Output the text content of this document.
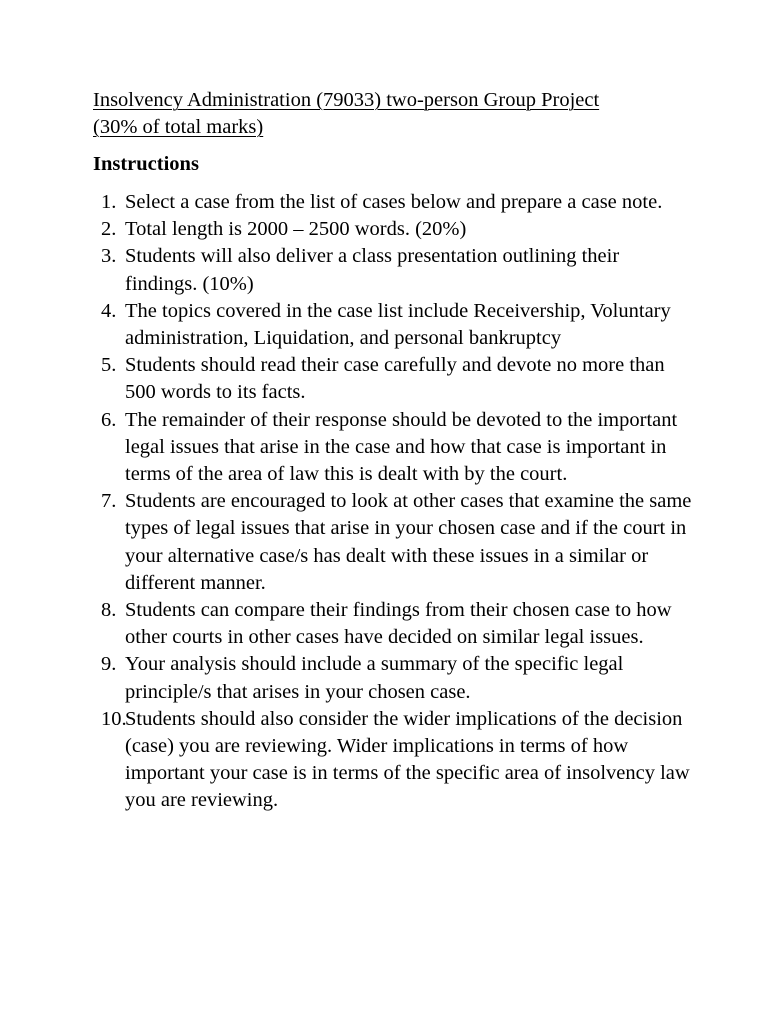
Insolvency Administration (79033) two-person Group Project
(30% of total marks)
Instructions
1. Select a case from the list of cases below and prepare a case note.
2. Total length is 2000 – 2500 words. (20%)
3. Students will also deliver a class presentation outlining their findings. (10%)
4. The topics covered in the case list include Receivership, Voluntary administration, Liquidation, and personal bankruptcy
5. Students should read their case carefully and devote no more than 500 words to its facts.
6. The remainder of their response should be devoted to the important legal issues that arise in the case and how that case is important in terms of the area of law this is dealt with by the court.
7. Students are encouraged to look at other cases that examine the same types of legal issues that arise in your chosen case and if the court in your alternative case/s has dealt with these issues in a similar or different manner.
8. Students can compare their findings from their chosen case to how other courts in other cases have decided on similar legal issues.
9. Your analysis should include a summary of the specific legal principle/s that arises in your chosen case.
10.
Students should also consider the wider implications of the decision (case) you are reviewing. Wider implications in terms of how important your case is in terms of the specific area of insolvency law you are reviewing.
